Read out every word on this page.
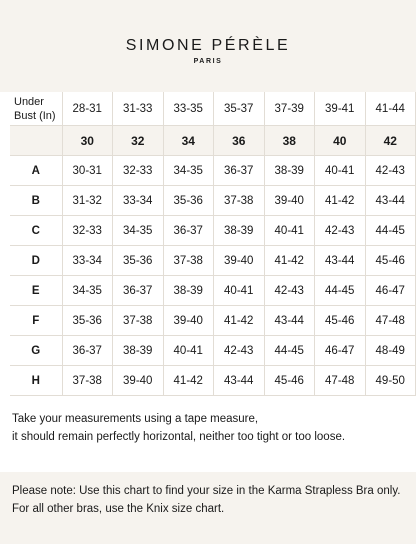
SIMONE PÉRÈLE
PARIS
Under Bust (In)	28-31	31-33	33-35	35-37	37-39	39-41	41-44
	30	32	34	36	38	40	42
A	30-31	32-33	34-35	36-37	38-39	40-41	42-43
B	31-32	33-34	35-36	37-38	39-40	41-42	43-44
C	32-33	34-35	36-37	38-39	40-41	42-43	44-45
D	33-34	35-36	37-38	39-40	41-42	43-44	45-46
E	34-35	36-37	38-39	40-41	42-43	44-45	46-47
F	35-36	37-38	39-40	41-42	43-44	45-46	47-48
G	36-37	38-39	40-41	42-43	44-45	46-47	48-49
H	37-38	39-40	41-42	43-44	45-46	47-48	49-50
Take your measurements using a tape measure,
it should remain perfectly horizontal, neither too tight or too loose.
Please note: Use this chart to find your size in the Karma Strapless Bra only.
For all other bras, use the Knix size chart.
